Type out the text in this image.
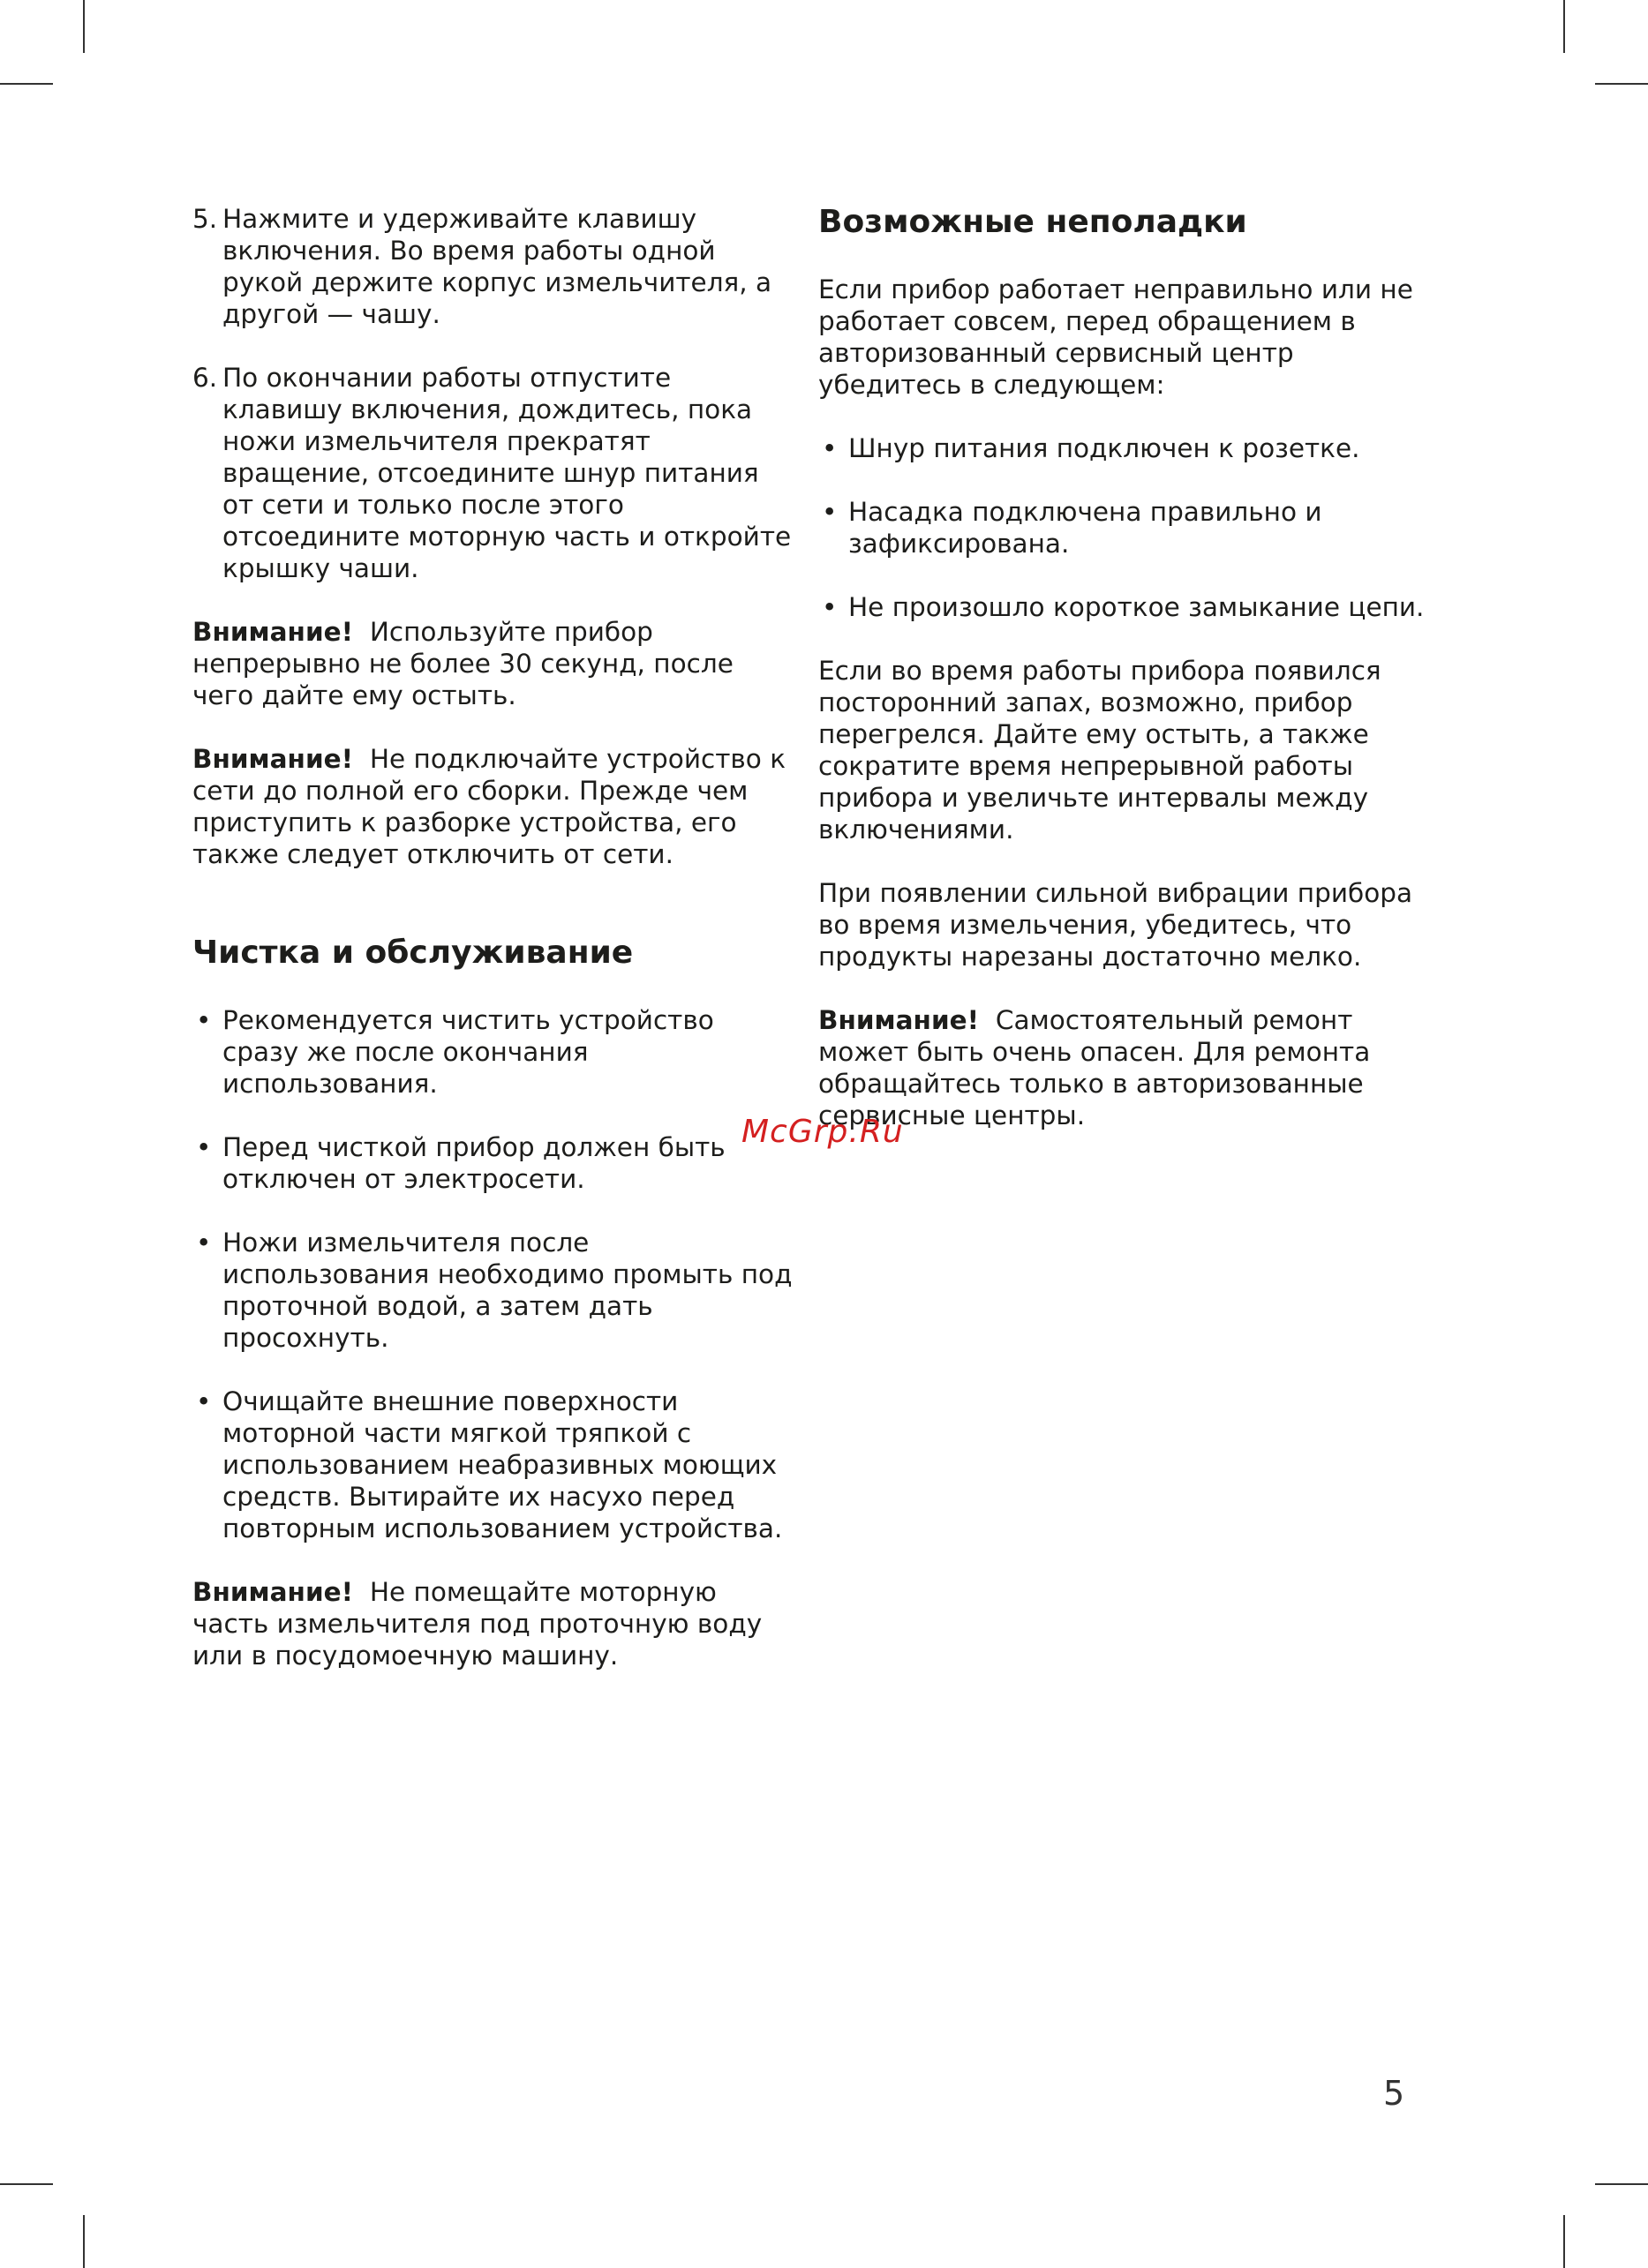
5. Нажмите и удерживайте клавишу включения. Во время работы одной рукой держите корпус измельчителя, а другой — чашу.
6. По окончании работы отпустите клавишу включения, дождитесь, пока ножи измельчителя прекратят вращение, отсоедините шнур питания от сети и только после этого отсоедините моторную часть и откройте крышку чаши.

Внимание! Используйте прибор непрерывно не более 30 секунд, после чего дайте ему остыть.

Внимание! Не подключайте устройство к сети до полной его сборки. Прежде чем приступить к разборке устройства, его также следует отключить от сети.

Чистка и обслуживание
• Рекомендуется чистить устройство сразу же после окончания использования.
• Перед чисткой прибор должен быть отключен от электросети.
• Ножи измельчителя после использования необходимо промыть под проточной водой, а затем дать просохнуть.
• Очищайте внешние поверхности моторной части мягкой тряпкой с использованием неабразивных моющих средств. Вытирайте их насухо перед повторным использованием устройства.

Внимание! Не помещайте моторную часть измельчителя под проточную воду или в посудомоечную машину.

Возможные неполадки

Если прибор работает неправильно или не работает совсем, перед обращением в авторизованный сервисный центр убедитесь в следующем:

• Шнур питания подключен к розетке.
• Насадка подключена правильно и зафиксирована.
• Не произошло короткое замыкание цепи.

Если во время работы прибора появился посторонний запах, возможно, прибор перегрелся. Дайте ему остыть, а также сократите время непрерывной работы прибора и увеличьте интервалы между включениями.

При появлении сильной вибрации прибора во время измельчения, убедитесь, что продукты нарезаны достаточно мелко.

Внимание! Самостоятельный ремонт может быть очень опасен. Для ремонта обращайтесь только в авторизованные сервисные центры.

McGrp.Ru
5
